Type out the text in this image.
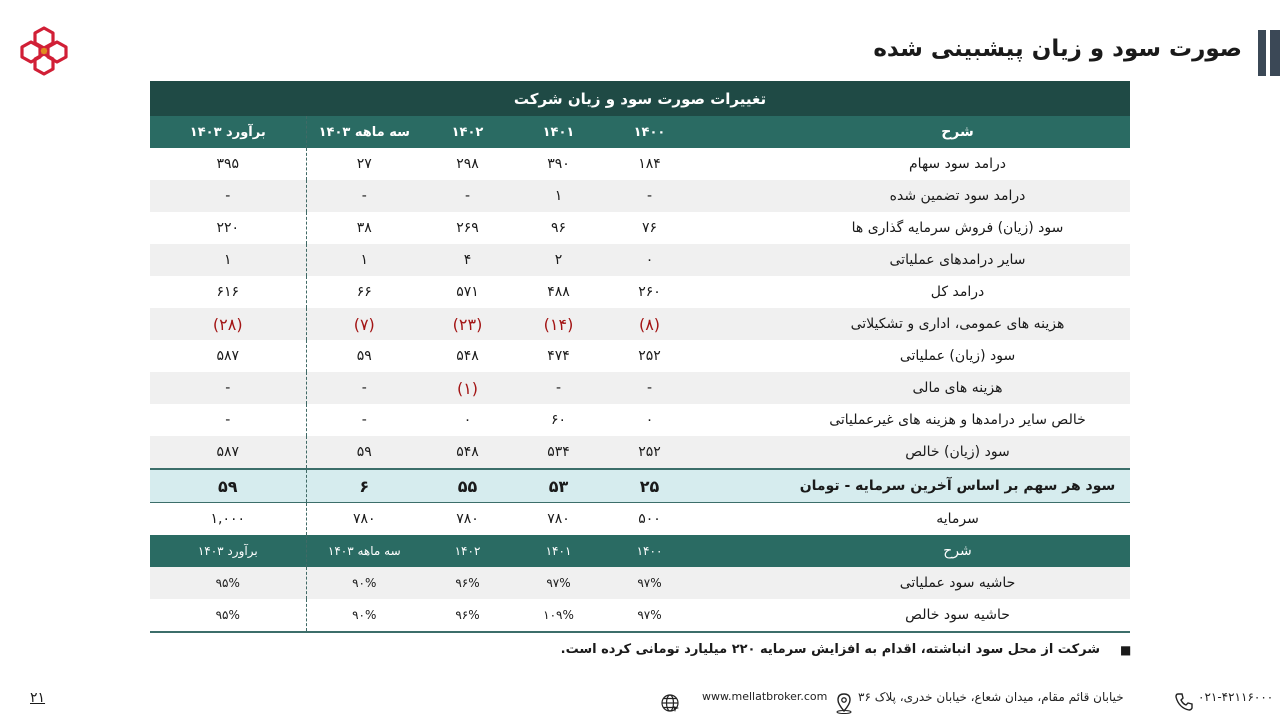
صورت سود و زیان پیشبینی شده
تغییرات صورت سود و زیان شرکت					
برآورد ۱۴۰۳	سه ماهه ۱۴۰۳	۱۴۰۲	۱۴۰۱	۱۴۰۰	شرح
۳۹۵	۲۷	۲۹۸	۳۹۰	۱۸۴	درامد سود سهام
-	-	-	۱	-	درامد سود تضمین شده
۲۲۰	۳۸	۲۶۹	۹۶	۷۶	سود (زیان) فروش سرمایه گذاری ها
۱	۱	۴	۲	۰	سایر درامدهای عملیاتی
۶۱۶	۶۶	۵۷۱	۴۸۸	۲۶۰	درامد کل
(۲۸)	(۷)	(۲۳)	(۱۴)	(۸)	هزینه های عمومی، اداری و تشکیلاتی
۵۸۷	۵۹	۵۴۸	۴۷۴	۲۵۲	سود (زیان) عملیاتی
-	-	(۱)	-	-	هزینه های مالی
-	-	۰	۶۰	۰	خالص سایر درامدها و هزینه های غیرعملیاتی
۵۸۷	۵۹	۵۴۸	۵۳۴	۲۵۲	سود (زیان) خالص
۵۹	۶	۵۵	۵۳	۲۵	سود هر سهم بر اساس آخرین سرمایه - تومان
۱,۰۰۰	۷۸۰	۷۸۰	۷۸۰	۵۰۰	سرمایه
برآورد ۱۴۰۳	سه ماهه ۱۴۰۳	۱۴۰۲	۱۴۰۱	۱۴۰۰	شرح
۹۵%	۹۰%	۹۶%	۹۷%	۹۷%	حاشیه سود عملیاتی
۹۵%	۹۰%	۹۶%	۱۰۹%	۹۷%	حاشیه سود خالص
■
شرکت از محل سود انباشته، اقدام به افزایش سرمایه ۲۲۰ میلیارد تومانی کرده است.
۰۲۱-۴۲۱۱۶۰۰۰
خیابان قائم مقام، میدان شعاع، خیابان خدری، پلاک ۳۶
www.mellatbroker.com
۲۱
